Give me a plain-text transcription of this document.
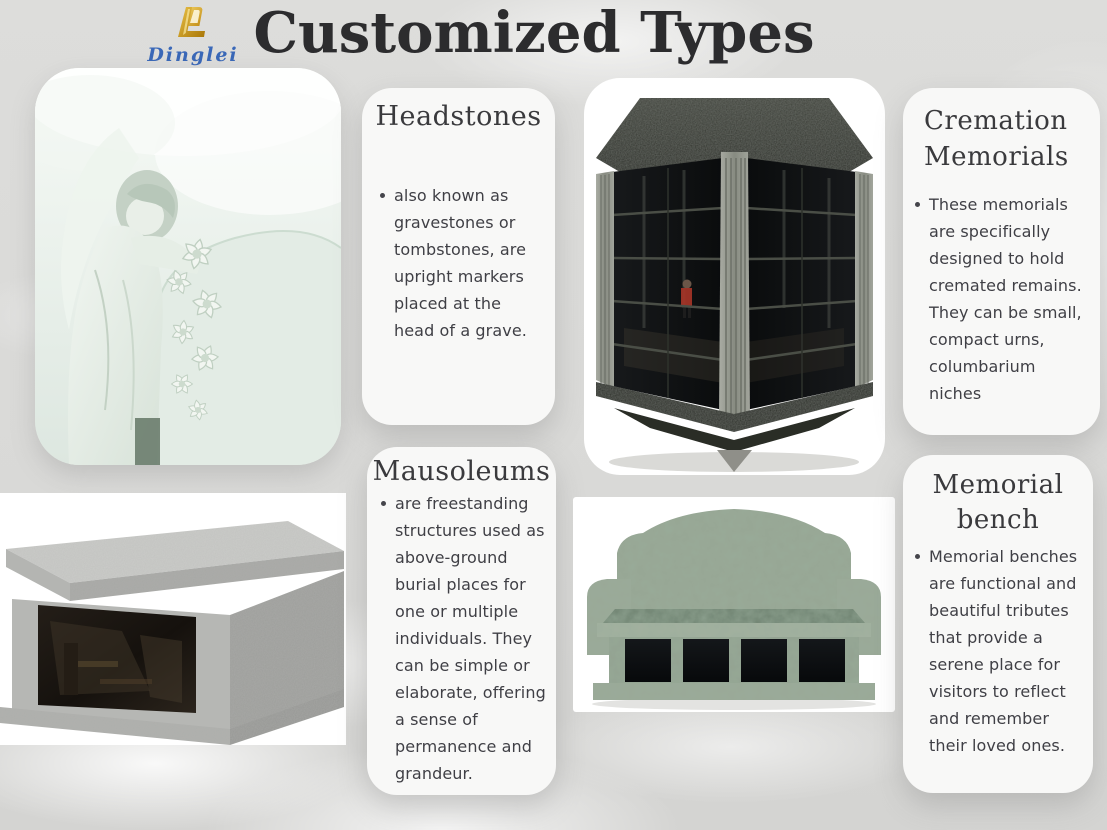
Dinglei Customized Types
Headstones
also known as gravestones or tombstones, are upright markers placed at the head of a grave.
Cremation Memorials
These memorials are specifically designed to hold cremated remains. They can be small, compact urns, columbarium niches
Mausoleums
are freestanding structures used as above-ground burial places for one or multiple individuals. They can be simple or elaborate, offering a sense of permanence and grandeur.
Memorial bench
Memorial benches are functional and beautiful tributes that provide a serene place for visitors to reflect and remember their loved ones.
